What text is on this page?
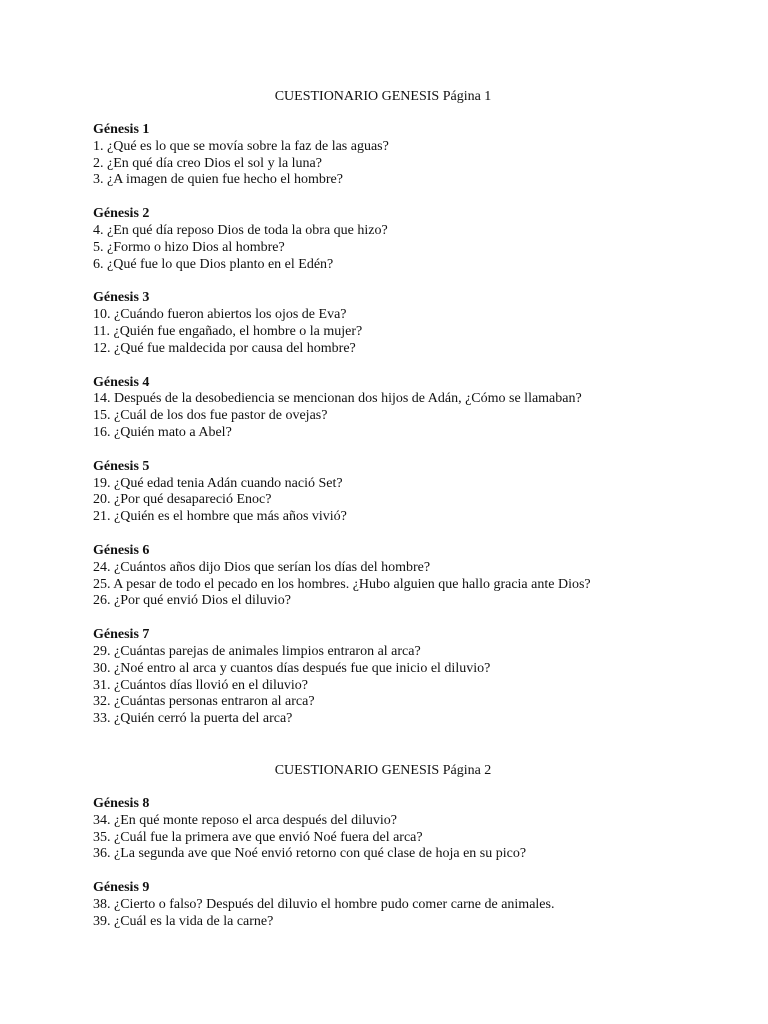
CUESTIONARIO GENESIS Página 1

Génesis 1

1. ¿Qué es lo que se movía sobre la faz de las aguas?

2. ¿En qué día creo Dios el sol y la luna?

3. ¿A imagen de quien fue hecho el hombre?

Génesis 2

4. ¿En qué día reposo Dios de toda la obra que hizo?

5. ¿Formo o hizo Dios al hombre?

6. ¿Qué fue lo que Dios planto en el Edén?

Génesis 3

10. ¿Cuándo fueron abiertos los ojos de Eva?

11. ¿Quién fue engañado, el hombre o la mujer?

12. ¿Qué fue maldecida por causa del hombre?

Génesis 4

14. Después de la desobediencia se mencionan dos hijos de Adán, ¿Cómo se llamaban?

15. ¿Cuál de los dos fue pastor de ovejas?

16. ¿Quién mato a Abel?

Génesis 5

19. ¿Qué edad tenia Adán cuando nació Set?

20. ¿Por qué desapareció Enoc?

21. ¿Quién es el hombre que más años vivió?

Génesis 6

24. ¿Cuántos años dijo Dios que serían los días del hombre?

25. A pesar de todo el pecado en los hombres. ¿Hubo alguien que hallo gracia ante Dios?

26. ¿Por qué envió Dios el diluvio?

Génesis 7

29. ¿Cuántas parejas de animales limpios entraron al arca?

30. ¿Noé entro al arca y cuantos días después fue que inicio el diluvio?

31. ¿Cuántos días llovió en el diluvio?

32. ¿Cuántas personas entraron al arca?

33. ¿Quién cerró la puerta del arca?

CUESTIONARIO GENESIS Página 2

Génesis 8

34. ¿En qué monte reposo el arca después del diluvio?

35. ¿Cuál fue la primera ave que envió Noé fuera del arca?

36. ¿La segunda ave que Noé envió retorno con qué clase de hoja en su pico?

Génesis 9

38. ¿Cierto o falso? Después del diluvio el hombre pudo comer carne de animales.

39. ¿Cuál es la vida de la carne?
